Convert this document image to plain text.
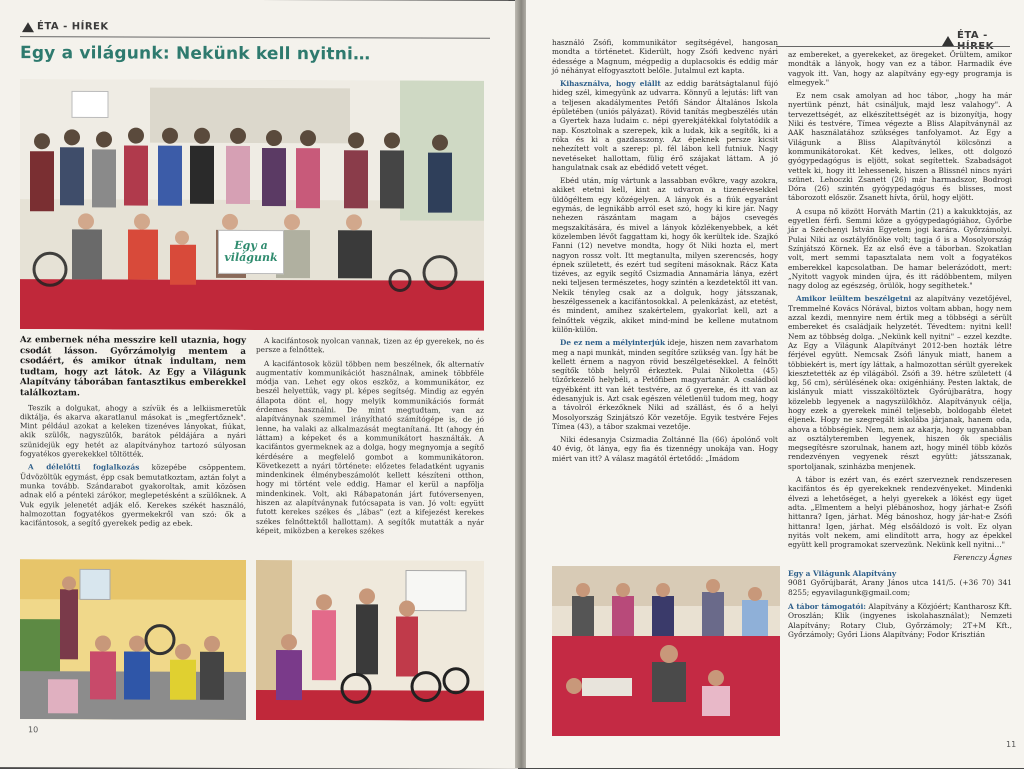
ÉTA - HÍREK
Egy a világunk: Nekünk kell nyitni…
Egy a világunk

Az embernek néha messzire kell utaznia, hogy csodát lásson. Győrzámolyig mentem a csodáért, és amikor útnak indultam, nem tudtam, hogy azt látok. Az Egy a Világunk Alapítvány táborában fantasztikus emberekkel találkoztam.

Teszik a dolgukat, ahogy a szívük és a lelkiismeretük diktálja, és akarva akaratlanul másokat is „megfertőznek". Mint például azokat a keleken tizenéves lányokat, fiúkat, akik szülők, nagyszülők, barátok példájára a nyári szünidejük egy hetét az alapítványhoz tartozó súlyosan fogyatékos gyerekekkel töltötték.

A délelőtti foglalkozás közepébe csöppentem. Üdvözöltük egymást, épp csak bemutatkoztam, aztán folyt a munka tovább. Szándarabot gyakoroltak, amit közösen adnak elő a pénteki zárókor, meglepetésként a szülőknek. A Vuk egyik jelenetét adják elő. Kerekes székét használó, halmozottan fogyatékos gyermekekről van szó: ők a kacifántosok, a segítő gyerekek pedig az ebek.

A kacifántosok nyolcan vannak, tizen az ép gyerekek, no és persze a felnőttek.

A kacifántosok közül többen nem beszélnek, ők alternatív augmentatív kommunikációt használnak, aminek többféle módja van. Lehet egy okos eszköz, a kommunikátor, ez beszél helyettük, vagy pl. képes segítség. Mindig az egyén állapota dönt el, hogy melyik kommunikációs formát érdemes használni. De mint megtudtam, van az alapítványnak szemmel irányítható számítógépe is, de jó lenne, ha valaki az alkalmazását megtanítaná. Itt (ahogy én láttam) a képeket és a kommunikátort használták. A kacifántos gyermeknek az a dolga, hogy megnyomja a segítő kérdésére a megfelelő gombot a kommunikátoron. Következett a nyári története: előzetes feladatként ugyanis mindenkinek élménybeszámolót kellett készíteni otthon, hogy mi történt vele eddig. Hamar el kerül a napfölja mindenkinek. Volt, aki Rábapatonán járt futóversenyen, hiszen az alapítványnak futócsapata is van. Jó volt: együtt futott kerekes székes és „lábas" (ezt a kifejezést kerekes székes felnőttektől hallottam). A segítők mutatták a nyár képeit, miközben a kerekes székes

10
ÉTA -

használó Zsófi, kommunikátor segítségével, hangosan mondta a történetet. Kiderült, hogy Zsófi kedvenc nyári édessége a Magnum, mégpedig a duplacsokis és eddig már jó néhányat elfogyasztott belőle. Jutalmul ezt kapta.

Kihasználva, hogy elállt az eddig barátságtalanul fújó hideg szél, kimegyünk az udvarra. Könnyű a lejutás: lift van a teljesen akadálymentes Petőfi Sándor Általános Iskola épületében (uniós pályázat). Rövid tanítás megbeszélés után a Gyertek haza ludaim c. népi gyerekjátékkal folytatódik a nap. Kosztolnak a szerepek, kik a ludak, kik a segítők, ki a róka és ki a gazdasszony. Az épeknek persze kicsit nehezített volt a szerep: pl. fél lábon kell futniuk. Nagy nevetéseket hallottam, fülig érő szájakat láttam. A jó hangulatnak csak az ebédidő vetett véget.

Ebéd után, míg vártunk a lassabban evőkre, vagy azokra, akiket etetni kell, kint az udvaron a tizenévesekkel üldögéltem egy közégelyen. A lányok és a fiúk egyaránt egymás, de legnikább arról eset szó, hogy ki kire jár. Nagy nehezen rászántam magam a bájos csevegés megszakítására, és mivel a lányok közlékenyebbek, a két közelemben lévőt faggattam ki, hogy ők kerültek ide. Szajkó Fanni (12) nevetve mondta, hogy őt Niki hozta el, mert nagyon rossz volt. Itt megtanulta, milyen szerencsés, hogy épnek született, és ezért tud segíteni másoknak. Rácz Kata tizéves, az egyik segítő Csizmadia Annamária lánya, ezért neki teljesen természetes, hogy szintén a kezdetektől itt van. Nekik tényleg csak az a dolguk, hogy játsszanak, beszélgessenek a kacifántosokkal. A pelenkázást, az etetést, és mindent, amihez szakértelem, gyakorlat kell, azt a felnőttek végzik, akiket mind-mind be kellene mutatnom külön-külön.

De ez nem a mélyinterjúk ideje, hiszen nem zavarhatom meg a napi munkát, minden segítőre szükség van. Így hát be kellett érnem a nagyon rövid beszélgetésekkel. A felnőtt segítők több helyről érkeztek. Pulai Nikoletta (45) tűzőrkezelő helybéli, a Petőfiben magyartanár. A családból egyébként itt van két testvére, az ő gyereke, és itt van az édesanyjuk is. Azt csak egészen véletlenül tudom meg, hogy a távolról érkezőknek Niki ad szállást, és ő a helyi Mosolyország Szinjátszó Kör vezetője. Egyik testvére Fejes Tímea (43), a tábor szakmai vezetője.

Niki édesanyja Csizmadia Zoltánné Ila (66) ápolónő volt 40 évig, öt lánya, egy fia és tizennégy unokája van. Hogy miért van itt? A válasz magától értetődő: „Imádom

az embereket, a gyerekeket, az öregeket. Őrültem, amikor mondták a lányok, hogy van ez a tábor. Harmadik éve vagyok itt. Van, hogy az alapítvány egy-egy programja is elmegyek."

Ez nem csak amolyan ad hoc tábor, „hogy ha már nyertünk pénzt, hát csináljuk, majd lesz valahogy". A tervezettségét, az elkészítettségét az is bizonyítja, hogy Niki és testvére, Tímea végezte a Bliss Alapítványnál az AAK használatához szükséges tanfolyamot. Az Egy a Világunk a Bliss Alapítványtól kölcsönzi a kommunikátorokat. Két kedves, lelkes, ott dolgozó gyógypedagógus is eljött, sokat segítettek. Szabadságot vettek ki, hogy itt lehessenek, hiszen a Blissnél nincs nyári szünet. Lehoczki Zsanett (26) már harmadszor, Bodrogi Dóra (26) szintén gyógypedagógus és blisses, most táborozott először. Zsanett hívta, őrül, hogy eljött.

A csupa nő között Horváth Martin (21) a kakukktojás, az egyetlen férfi. Semmi köze a gyógypedagógiához, Győrbe jár a Széchenyi István Egyetem jogi karára. Győrzámolyi. Pulai Niki az osztályfőnöke volt; tagja ő is a Mosolyország Színjátszó Körnek. Ez az első éve a táborban. Szokatlan volt, mert semmi tapasztalata nem volt a fogyatékos emberekkel kapcsolatban. De hamar belerázódott, mert: „Nyitott vagyok minden újra, és itt rádöbbentem, milyen nagy dolog az egészség, örülök, hogy segíthetek."

Amikor leültem beszélgetni az alapítvány vezetőjével, Tremmelné Kovács Nórával, biztos voltam abban, hogy nem azzal kezdi, mennyire nem értik meg a többségi a sérült embereket és családjaik helyzetét. Tévedtem: nyitni kell! Nem az többség dolga. „Nekünk kell nyitni" – ezzel kezdte. Az Egy a Világunk Alapítványt 2012-ben hozták létre férjével együtt. Nemcsak Zsófi lányuk miatt, hanem a többiekért is, mert így láttak, a halmozottan sérült gyerekek kiesztetették az ép világából. Zsófi a 39. hétre született (4 kg, 56 cm), sérülésének oka: oxigénhiány. Pesten laktak, de kislányuk miatt visszaköltöztek Győrújbarátra, hogy közelebb legyenek a nagyszülőkhöz. Alapítványuk célja, hogy ezek a gyerekek minél teljesebb, boldogabb életet éljenek. Hogy ne szegregált iskolába járjanak, hanem oda, ahova a többségiek. Nem, nem az akarja, hogy ugyanabban az osztályteremben legyenek, hiszen ők speciális megsegítésre szorulnak, hanem azt, hogy minél több közös rendezvényen vegyenek részt együtt: játsszanak, sportoljanak, szinházba menjenek.

A tábor is ezért van, és ezért szerveznek rendszeresen kacifántos és ép gyerekeknek rendezvényeket. Mindenki élvezi a lehetőséget, a helyi gyerekek a lökést egy üget adta. „Elmentem a helyi plébánoshoz, hogy járhat-e Zsófi hittanra? Igen, járhat. Még bánoshoz, hogy jár-hat-e Zsófi hittanra! Igen, járhat. Még elsőáldozó is volt. Ez olyan nyitás volt nekem, ami elindított arra, hogy az épekkel együtt kell programokat szervezünk. Nekünk kell nyitni…"

Ferenczy Ágnes

Egy a Világunk Alapítvány
9081 Győrújbarát, Arany János utca 141/5. (+36 70) 341 8255; egyavilagunk@gmail.com;
A tábor támogatói: Alapítvány a Közjóért; Kantharosz Kft. Oroszlán; Klik (ingyenes iskolahasználat); Nemzeti Alapítvány; Rotary Club, Győrzámoly; 2T+M Kft., Győrzámoly; Győri Lions Alapítvány; Fodor Krisztián
11
